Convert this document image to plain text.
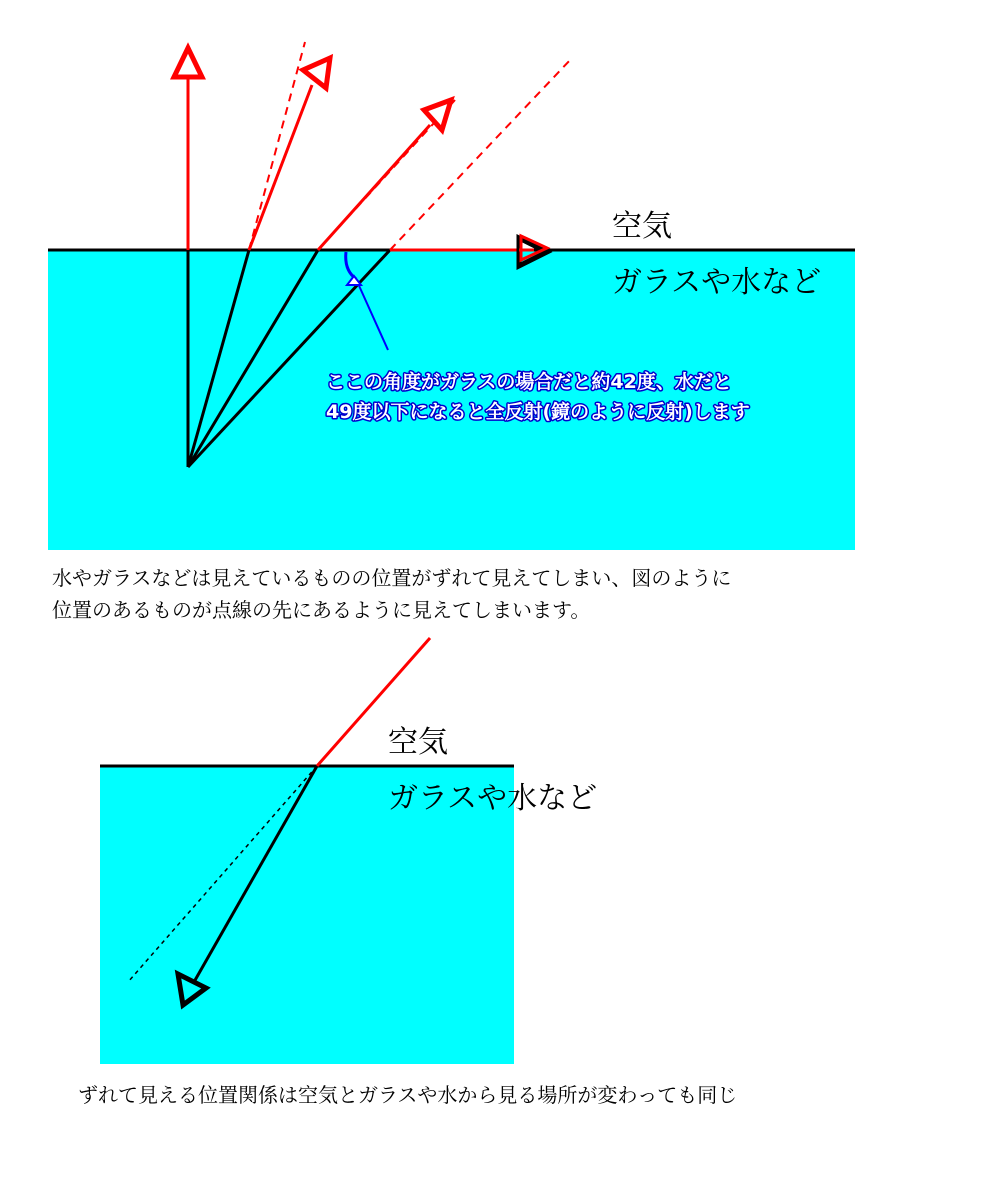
空気
ガラスや水など
ここの角度がガラスの場合だと約42度、水だと
49度以下になると全反射(鏡のように反射)します
水やガラスなどは見えているものの位置がずれて見えてしまい、図のように
位置のあるものが点線の先にあるように見えてしまいます。
空気
ガラスや水など
ずれて見える位置関係は空気とガラスや水から見る場所が変わっても同じ
